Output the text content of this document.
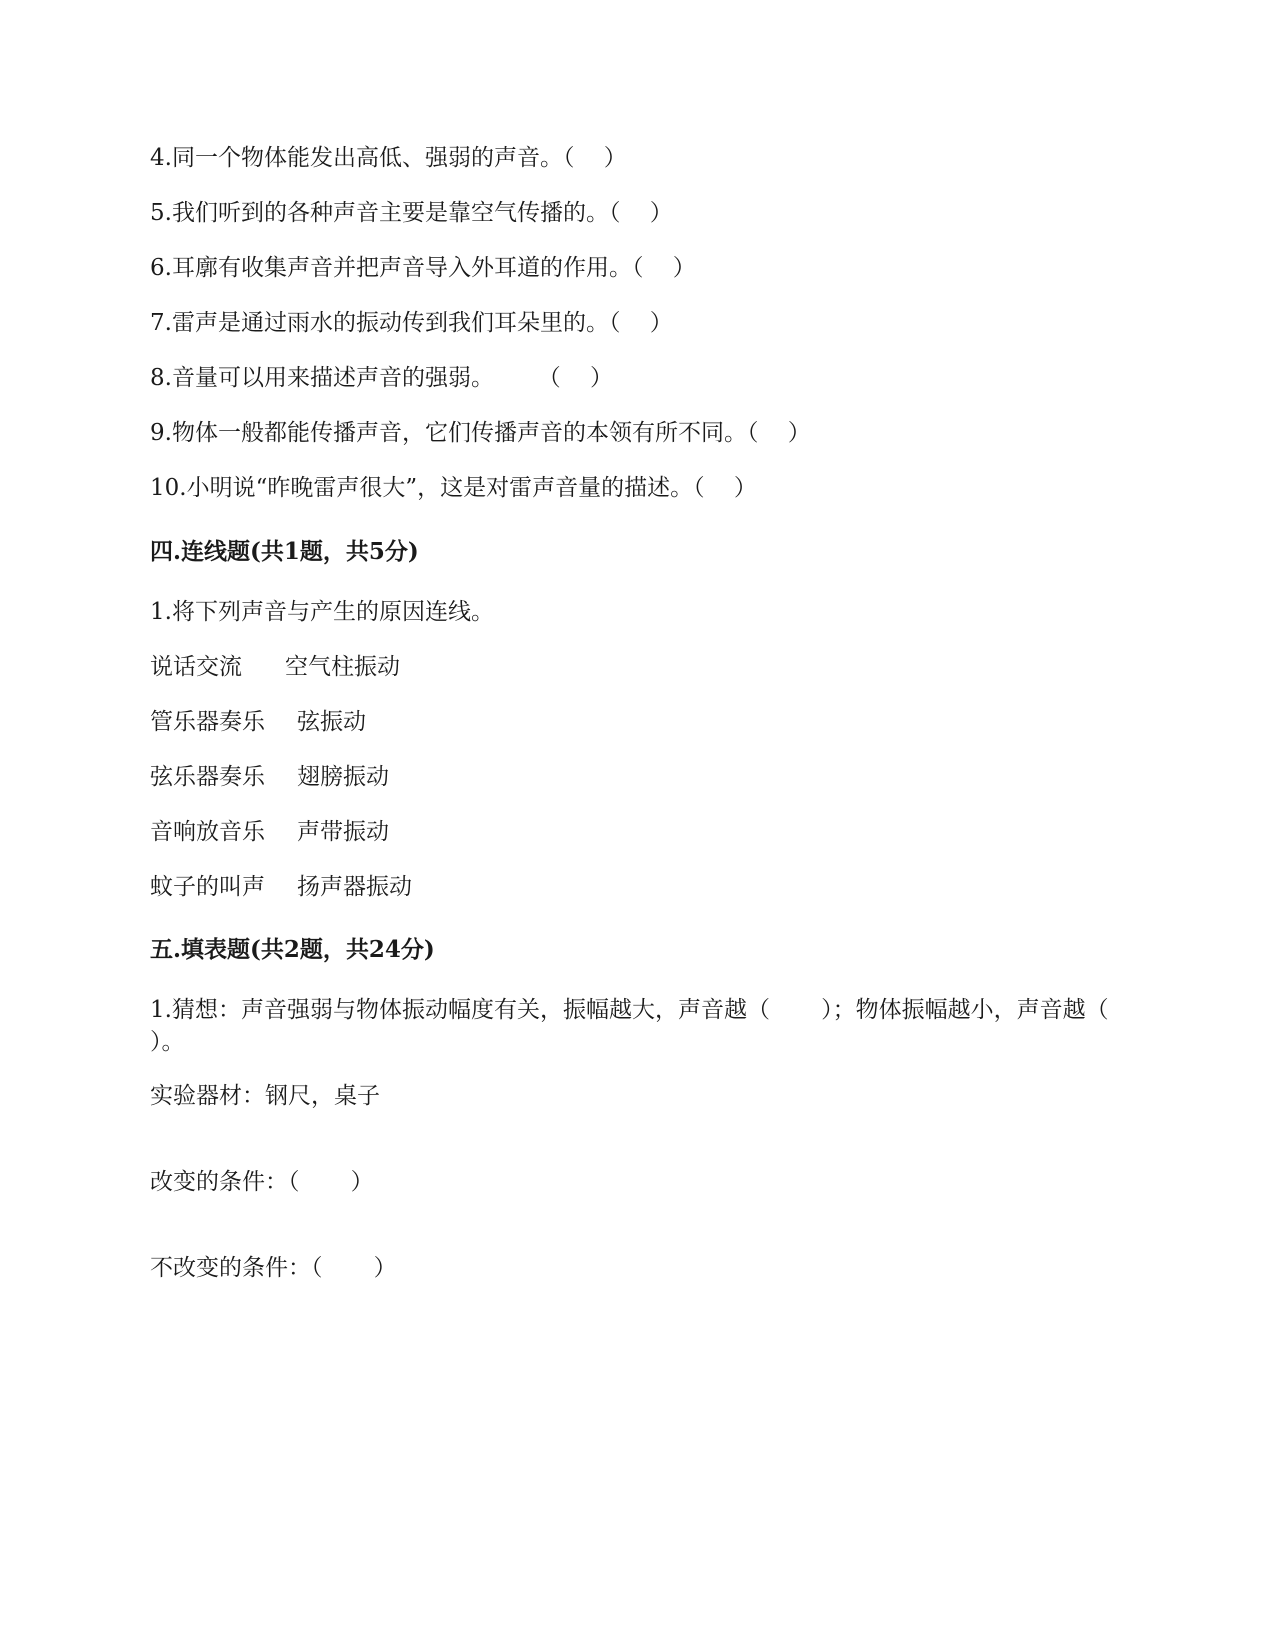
4.同一个物体能发出高低、强弱的声音。（    ）
5.我们听到的各种声音主要是靠空气传播的。（    ）
6.耳廓有收集声音并把声音导入外耳道的作用。（    ）
7.雷声是通过雨水的振动传到我们耳朵里的。（    ）
8.音量可以用来描述声音的强弱。      （    ）
9.物体一般都能传播声音，它们传播声音的本领有所不同。（    ）
10.小明说“昨晚雷声很大”，这是对雷声音量的描述。（    ）
四.连线题(共1题，共5分)
1.将下列声音与产生的原因连线。
说话交流 空气柱振动
管乐器奏乐 弦振动
弦乐器奏乐 翅膀振动
音响放音乐 声带振动
蚊子的叫声 扬声器振动
五.填表题(共2题，共24分)
1.猜想：声音强弱与物体振动幅度有关，振幅越大，声音越（       ）；物体振幅越小，声音越（       ）。
实验器材：钢尺，桌子
改变的条件：（       ）
不改变的条件：（       ）
